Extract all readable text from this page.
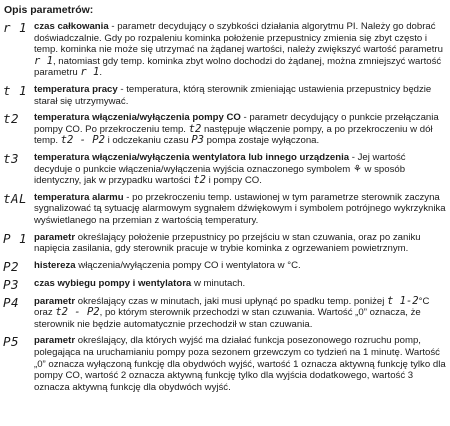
Opis parametrów:
r 1 czas całkowania - parametr decydujący o szybkości działania algorytmu PI. Należy go dobrać doświadczalnie. Gdy po rozpaleniu kominka położenie przepustnicy zmienia się zbyt często i temp. kominka nie może się utrzymać na żądanej wartości, należy zwiększyć wartość parametru r 1, natomiast gdy temp. kominka zbyt wolno dochodzi do żądanej, można zmniejszyć wartość parametru r 1.
t 1 temperatura pracy - temperatura, którą sterownik zmieniając ustawienia przepustnicy będzie starał się utrzymywać.
t2	temperatura włączenia/wyłączenia pompy CO - parametr decydujący o punkcie przełączania pompy CO. Po przekroczeniu temp. t2 następuje włączenie pompy, a po przekroczeniu w dół temp. t2 - P2 i odczekaniu czasu P3 pompa zostaje wyłączona.
t3	temperatura włączenia/wyłączenia wentylatora lub innego urządzenia - Jej wartość decyduje o punkcie włączenia/wyłączenia wyjścia oznaczonego symbolem ⚘ w sposób identyczny, jak w przypadku wartości t2 i pompy CO.
tAL temperatura alarmu - po przekroczeniu temp. ustawionej w tym parametrze sterownik zaczyna sygnalizować tą sytuację alarmowym sygnałem dźwiękowym i symbolem potrójnego wykrzyknika wyświetlanego na przemian z wartością temperatury.
P 1 parametr określający położenie przepustnicy po przejściu w stan czuwania, oraz po zaniku napięcia zasilania, gdy sterownik pracuje w trybie kominka z ogrzewaniem powietrznym.
P2	histereza włączenia/wyłączenia pompy CO i wentylatora w °C.
P3	czas wybiegu pompy i wentylatora w minutach.
P4	parametr określający czas w minutach, jaki musi upłynąć po spadku temp. poniżej t 1-2°C oraz t2 - P2, po którym sterownik przechodzi w stan czuwania. Wartość „0” oznacza, że sterownik nie będzie automatycznie przechodził w stan czuwania.
P5	parametr określający, dla których wyjść ma działać funkcja posezonowego rozruchu pomp, polegająca na uruchamianiu pompy poza sezonem grzewczym co tydzień na 1 minutę. Wartość „0” oznacza wyłączoną funkcję dla obydwóch wyjść, wartość 1 oznacza aktywną funkcję tylko dla pompy CO, wartość 2 oznacza aktywną funkcję tylko dla wyjścia dodatkowego, wartość 3 oznacza aktywną funkcję dla obydwóch wyjść.
